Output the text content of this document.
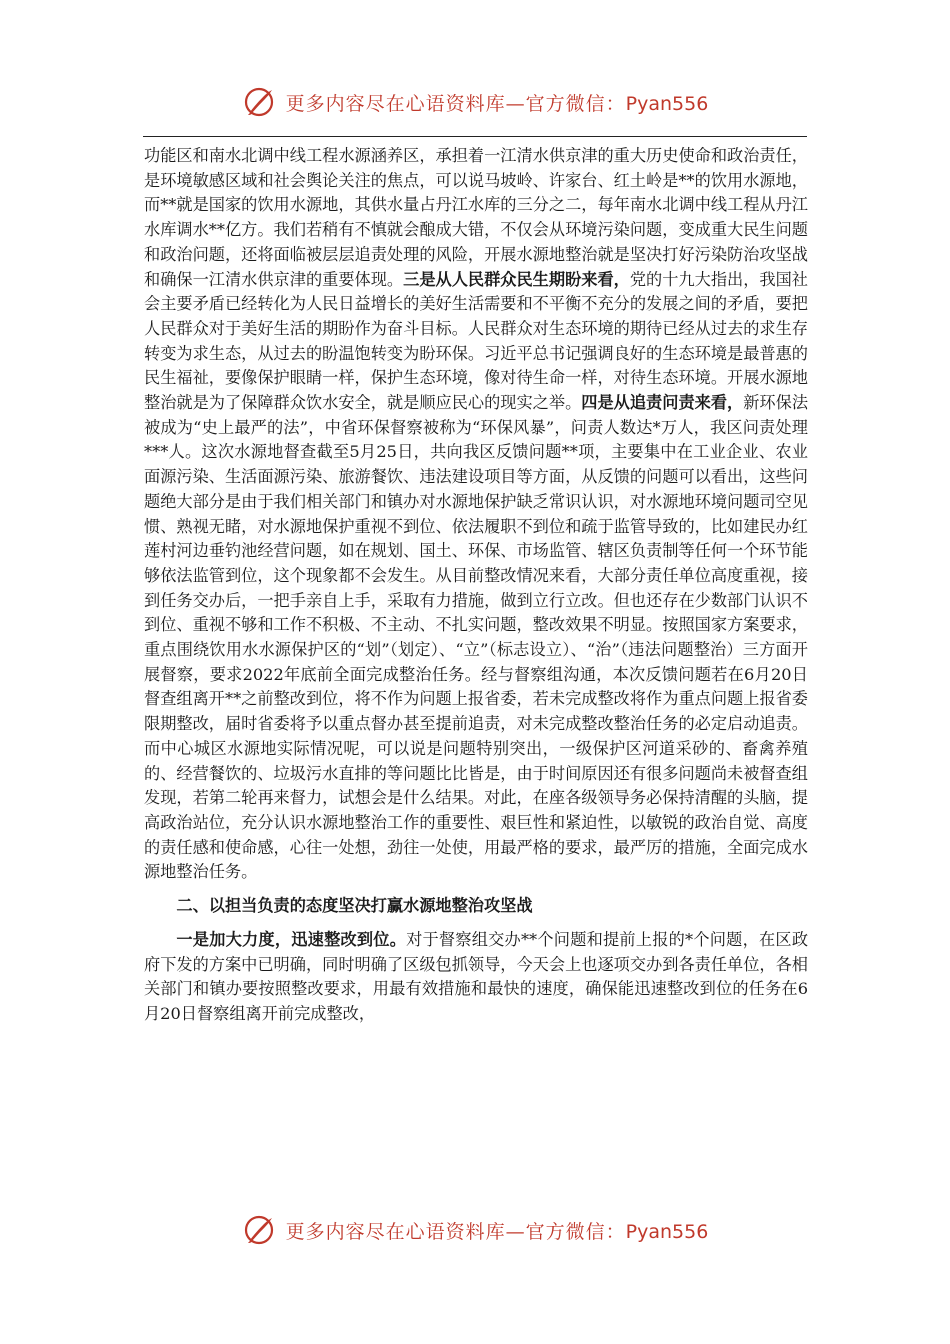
更多内容尽在心语资料库—官方微信：Pyan556

功能区和南水北调中线工程水源涵养区，承担着一江清水供京津的重大历史使命和政治责任，是环境敏感区域和社会舆论关注的焦点，可以说马坡岭、许家台、红土岭是**的饮用水源地，而**就是国家的饮用水源地，其供水量占丹江水库的三分之二，每年南水北调中线工程从丹江水库调水**亿方。我们若稍有不慎就会酿成大错，不仅会从环境污染问题，变成重大民生问题和政治问题，还将面临被层层追责处理的风险，开展水源地整治就是坚决打好污染防治攻坚战和确保一江清水供京津的重要体现。三是从人民群众民生期盼来看，党的十九大指出，我国社会主要矛盾已经转化为人民日益增长的美好生活需要和不平衡不充分的发展之间的矛盾，要把人民群众对于美好生活的期盼作为奋斗目标。人民群众对生态环境的期待已经从过去的求生存转变为求生态，从过去的盼温饱转变为盼环保。习近平总书记强调良好的生态环境是最普惠的民生福祉，要像保护眼睛一样，保护生态环境，像对待生命一样，对待生态环境。开展水源地整治就是为了保障群众饮水安全，就是顺应民心的现实之举。四是从追责问责来看，新环保法被成为“史上最严的法”，中省环保督察被称为“环保风暴”，问责人数达*万人，我区问责处理***人。这次水源地督查截至5月25日，共向我区反馈问题**项，主要集中在工业企业、农业面源污染、生活面源污染、旅游餐饮、违法建设项目等方面，从反馈的问题可以看出，这些问题绝大部分是由于我们相关部门和镇办对水源地保护缺乏常识认识，对水源地环境问题司空见惯、熟视无睹，对水源地保护重视不到位、依法履职不到位和疏于监管导致的，比如建民办红莲村河边垂钓池经营问题，如在规划、国土、环保、市场监管、辖区负责制等任何一个环节能够依法监管到位，这个现象都不会发生。从目前整改情况来看，大部分责任单位高度重视，接到任务交办后，一把手亲自上手，采取有力措施，做到立行立改。但也还存在少数部门认识不到位、重视不够和工作不积极、不主动、不扎实问题，整改效果不明显。按照国家方案要求，重点围绕饮用水水源保护区的“划”（划定）、“立”（标志设立）、“治”（违法问题整治）三方面开展督察，要求2022年底前全面完成整治任务。经与督察组沟通，本次反馈问题若在6月20日督查组离开**之前整改到位，将不作为问题上报省委，若未完成整改将作为重点问题上报省委限期整改，届时省委将予以重点督办甚至提前追责，对未完成整改整治任务的必定启动追责。而中心城区水源地实际情况呢，可以说是问题特别突出，一级保护区河道采砂的、畜禽养殖的、经营餐饮的、垃圾污水直排的等问题比比皆是，由于时间原因还有很多问题尚未被督查组发现，若第二轮再来督力，试想会是什么结果。对此，在座各级领导务必保持清醒的头脑，提高政治站位，充分认识水源地整治工作的重要性、艰巨性和紧迫性，以敏锐的政治自觉、高度的责任感和使命感，心往一处想，劲往一处使，用最严格的要求，最严厉的措施，全面完成水源地整治任务。

二、以担当负责的态度坚决打赢水源地整治攻坚战

一是加大力度，迅速整改到位。对于督察组交办**个问题和提前上报的*个问题，在区政府下发的方案中已明确，同时明确了区级包抓领导，今天会上也逐项交办到各责任单位，各相关部门和镇办要按照整改要求，用最有效措施和最快的速度，确保能迅速整改到位的任务在6月20日督察组离开前完成整改，

更多内容尽在心语资料库—官方微信：Pyan556
